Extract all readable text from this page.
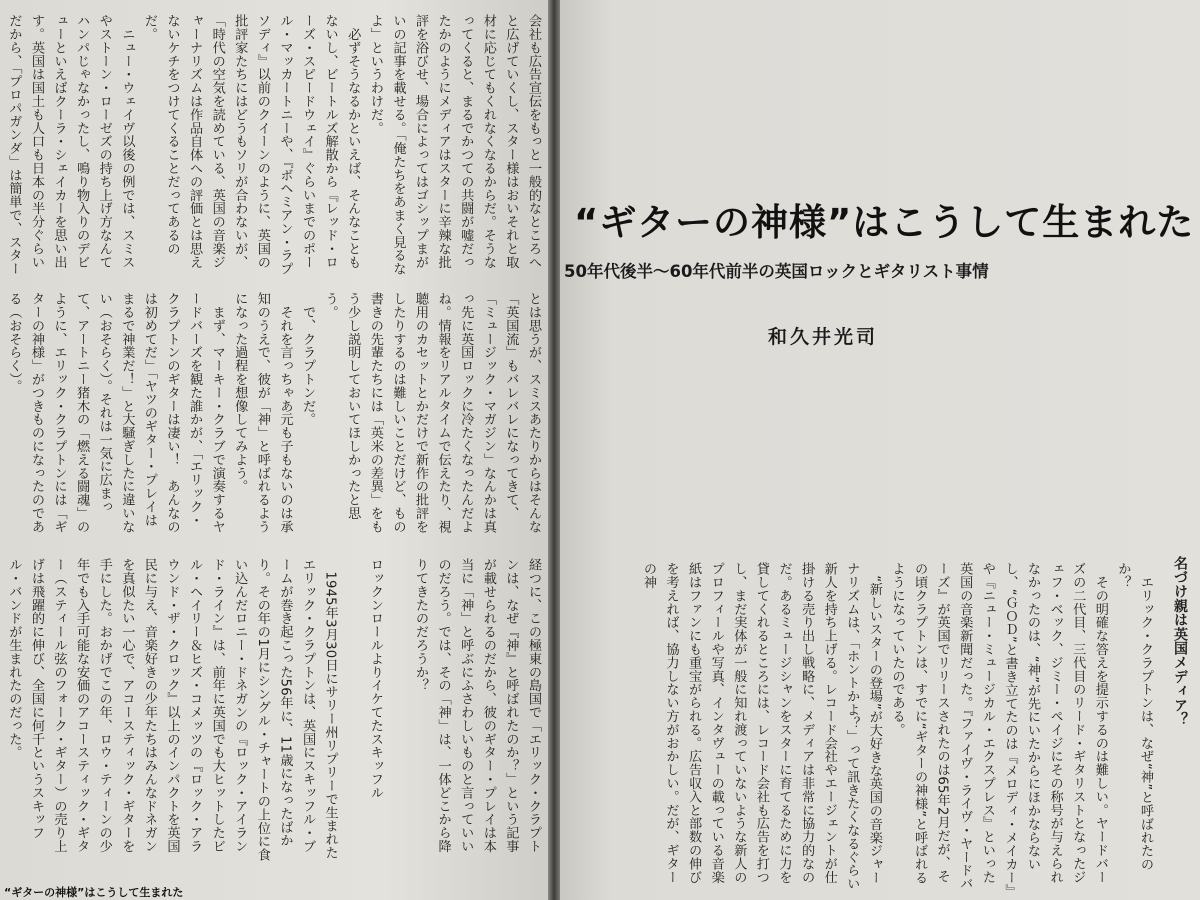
会社も広告宣伝をもっと一般的なところへと広げていくし、スター様はおいそれと取材に応じてもくれなくなるからだ。そうなってくると、まるでかつての共闘が嘘だったかのようにメディアはスターに辛辣な批評を浴びせ、場合によってはゴシップまがいの記事を載せる。「俺たちをあまく見るなよ」というわけだ。
　必ずそうなるかといえば、そんなこともないし、ビートルズ解散から『レッド・ローズ・スピードウェイ』ぐらいまでのポール・マッカートニーや、『ボヘミアン・ラプソディ』以前のクイーンのように、英国の批評家たちにはどうもソリが合わないが、「時代の空気を読めている、英国の音楽ジャーナリズムは作品自体への評価とは思えないケチをつけてくることだってあるのだ。
　ニュー・ウェイヴ以後の例では、スミスやストーン・ローゼズの持ち上げ方なんてハンパじゃなかったし、鳴り物入りのデビューといえばクーラ・シェイカーを思い出す。英国は国土も人口も日本の半分ぐらいだから、「プロパガンダ」は簡単で、スター

とは思うが、スミスあたりからはそんな「英国流」もバレバレになってきて、「ミュージック・マガジン」なんかは真っ先に英国ロックに冷たくなったんだよね。情報をリアルタイムで伝えたり、視聴用のカセットとかだけで新作の批評をしたりするのは難しいことだけど、もの書きの先輩たちには「英米の差異」をもう少し説明しておいてほしかったと思う。
　で、クラプトンだ。
　それを言っちゃあ元も子もないのは承知のうえで、彼が「神」と呼ばれるようになった過程を想像してみよう。
　まず、マーキー・クラブで演奏するヤードバーズを観た誰かが、「エリック・クラプトンのギターは凄い！　あんなのは初めてだ」「ヤツのギター・プレイはまるで神業だ！」と大騒ぎしたに違いない（おそらく）。それは一気に広まって、アートニー猪木の「燃える闘魂」のように、エリック・クラプトンには「ギターの神様」がつきものになったのである（おそらく）。

経つに、この極東の島国で「エリック・クラプトンは、なぜ『神』と呼ばれたのか？」という記事が載せられるのだから、彼のギター・プレイは本当に「神」と呼ぶにふさわしいものと言っていいのだろう。では、その「神」は、一体どこから降りてきたのだろうか？

ロックンロールよりイケてたスキッフル

　1945年3月30日にサリー州リプリーで生まれたエリック・クラプトンは、英国にスキッフル・ブームが巻き起こった56年に、11歳になったばかり。その年の1月にシングル・チャートの上位に食い込んだロニー・ドネガンの『ロック・アイランド・ライン』は、前年に英国でも大ヒットしたビル・ヘイリー＆ヒズ・コメッツの『ロック・アラウンド・ザ・クロック』以上のインパクトを英国民に与え、音楽好きの少年たちはみんなドネガンを真似たい一心で、アコースティック・ギターを手にした。おかげでこの年、ロウ・ティーンの少年でも入手可能な安価のアコースティック・ギター（スティール弦のフォーク・ギター）の売り上げは飛躍的に伸び、全国に何千というスキッフル・バンドが生まれたのだった。

“ギターの神様”はこうして生まれた
“ギターの神様”はこうして生まれた
50年代後半〜60年代前半の英国ロックとギタリスト事情
和久井光司
名づけ親は英国メディア？
　エリック・クラプトンは、なぜ“神”と呼ばれたのか？
　その明確な答えを提示するのは難しい。ヤードバーズの二代目、三代目のリード・ギタリストとなったジェフ・ベック、ジミー・ペイジにその称号が与えられなかったのは、“神”が先にいたからにほかならないし、“ＧＯＤ”と書き立てたのは『メロディ・メイカー』や『ニュー・ミュージカル・エクスプレス』といった英国の音楽新聞だった。『ファイヴ・ライヴ・ヤードバーズ』が英国でリリースされたのは65年2月だが、その頃クラプトンは、すでに“ギターの神様”と呼ばれるようになっていたのである。
　“新しいスターの登場”が大好きな英国の音楽ジャーナリズムは、「ホントかよ？」って訊きたくなるぐらい新人を持ち上げる。レコード会社やエージェントが仕掛ける売り出し戦略に、メディアは非常に協力的なのだ。あるミュージシャンをスターに育てるために力を貸してくれるところには、レコード会社も広告を打つし、まだ実体が一般に知れ渡っていないような新人のプロフィールや写真、インタヴューの載っている音楽紙はファンにも重宝がられる。広告収入と部数の伸びを考えれば、協力しない方がおかしい。だが、ギターの神
